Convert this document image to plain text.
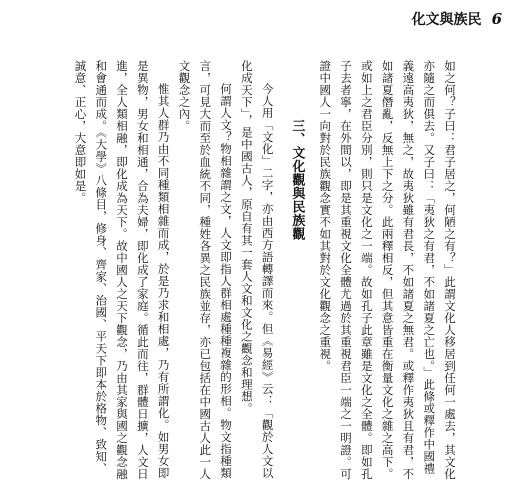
化文與族民 6

如之何？子曰：君子居之，何陋之有？」此謂文化人移居到任何一處去，其文化亦隨之而俱去。又子曰：「夷狄之有君，不如諸夏之亡也。」此條或釋作中國禮義遠高夷狄，無之，故夷狄雖有君長，不如諸夏之無君。或釋作夷狄且有君，不如諸夏僭亂，反無上下之分。此兩釋相反，但其意皆重在衡量文化之雜之高下。或如上之君臣分別，則只是文化之一端。故如孔子此章雖是文化之全體。即如孔子去者寧，在外間以，即是其重視文化全體尤過於其重視君臣一端之一明證。可證中國人一向對於民族觀念實不如其對於文化觀念之重視。

三、文化觀與民族觀

今人用「文化」二字，亦由西方語轉譯而來。但《易經》云：「觀於人文以化成天下」，是中國古人，原自有其一套人文和文化之觀念和理想。

何謂人文？物相雜謂之文，人文即指人群相處種種複雜的形相。物文指種類言，可見大而至於血統不同，種姓各異之民族並存，亦已包括在中國古人此一人文觀念之內。

惟其人群乃由不同種類相雜而成，於是乃求和相處，乃有所謂化。如男女即是異物，男女和相通，合為夫婦，即化成了家庭。循此而往，群體日擴，人文日進，全人類相融，即化成為天下。故中國人之天下觀念，乃由其家與國之觀念融和會通而成。《大學》八條目，修身、齊家、治國、平天下即本於格物、致知、誠意、正心，大意即如是。
